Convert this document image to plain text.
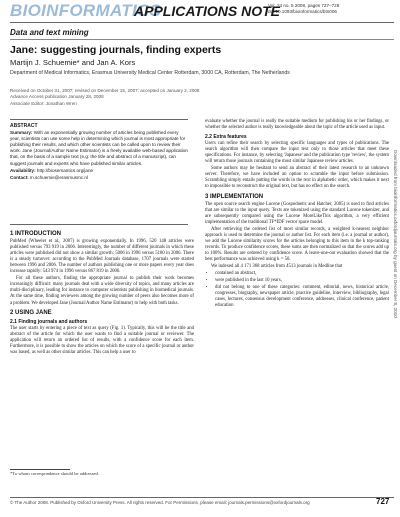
BIOINFORMATICS
APPLICATIONS NOTE
Vol. 24 no. 5 2008, pages 727–728
doi:10.1093/bioinformatics/btn006
Data and text mining
Jane: suggesting journals, finding experts
Martijn J. Schuemie* and Jan A. Kors
Department of Medical Informatics, Erasmus University Medical Center Rotterdam, 3000 CA, Rotterdam, The Netherlands
Received on October 31, 2007; revised on December 15, 2007; accepted on January 2, 2008
Advance Access publication January 28, 2008
Associate Editor: Jonathan Wren
ABSTRACT

Summary: With an exponentially growing number of articles being published every year, scientists can use some help in determining which journal is most appropriate for publishing their results, and which other scientists can be called upon to review their work. Jane (Journal/Author Name Estimator) is a freely available web-based application that, on the basis of a sample text (e.g. the title and abstract of a manuscript), can suggest journals and experts who have published similar articles.

Availability: http://biosemantics.org/jane

Contact: m.schuemie@erasmusmc.nl

1 INTRODUCTION

PubMed (Wheeler et al., 2007) is growing exponentially. In 1996, 520 148 articles were published versus 793 919 in 2006. Interestingly, the number of different journals in which these articles were published did not show a similar growth: 5006 in 1996 versus 5180 in 2006. There is a steady turnover: according to the PubMed Journals database, 1707 journals were started between 1996 and 2006. The number of authors publishing one or more papers every year does increase rapidly: 543 974 in 1996 versus 867 819 in 2006.

For all these authors, finding the appropriate journal to publish their work becomes increasingly difficult: many journals deal with a wide diversity of topics, and many articles are multi-disciplinary, leading for instance to computer scientists publishing in biomedical journals. At the same time, finding reviewers among the growing number of peers also becomes more of a problem. We developed Jane (Journal/Author Name Estimator) to help with both tasks.

2 USING JANE
2.1 Finding journals and authors

The user starts by entering a piece of text as query (Fig. 1). Typically, this will be the title and abstract of the article for which the user wants to find a suitable journal or reviewer. The application will return an ordered list of results, with a confidence score for each item. Furthermore, it is possible to show the articles on which the score of a specific journal or author was based, as well as other similar articles. This can help a user to

*To whom correspondence should be addressed.

evaluate whether the journal is really the suitable medium for publishing his or her findings, or whether the selected author is really knowledgeable about the topic of the article used as input.

2.2 Extra features

Users can refine their search by selecting specific languages and types of publications. The search algorithm will then compare the input text only to those articles that meet these specifications. For instance, by selecting 'Japanese' and the publication type 'review', the system will return those journals containing the most similar Japanese review articles.

Some authors may be hesitant to send an abstract of their latest research to an unknown server. Therefore, we have included an option to scramble the input before submission. Scrambling simply entails putting the words in the text in alphabetic order, which makes it next to impossible to reconstruct the original text, but has no effect on the search.

3 IMPLEMENTATION

The open source search engine Lucene (Gospodnetic and Hatcher, 2005) is used to find articles that are similar to the input query. Texts are tokenized using the standard Lucene tokenizer, and are subsequently compared using the Lucene MoreLikeThis algorithm, a very efficient implementation of the traditional TF*IDF vector space model.

After retrieving the ordered list of most similar records, a weighted k-nearest neighbor approach is used to determine the journal or author list. For each item (i.e. a journal or author), we add the Lucene similarity scores for the articles belonging to this item in the k top-ranking records. To produce confidence scores, these sums are then normalized so that the scores add up to 100%. Results are ordered by confidence score. A leave-one-out evaluation showed that the best performance was achieved using k = 50.

We indexed all 4 171 368 articles from 4513 journals in Medline that

• contained an abstract,
• were published in the last 10 years,
• did not belong to one of these categories: comment, editorial, news, historical article, congresses, biography, newspaper article, practice guideline, interview, bibliography, legal cases, lectures, consensus development conference, addresses, clinical conference, patient education	Downloaded from bioinformatics.oxfordjournals.org by guest on December 8, 2010
© The Author 2008. Published by Oxford University Press. All rights reserved. For Permissions, please email: journals.permissions@oxfordjournals.org	727
